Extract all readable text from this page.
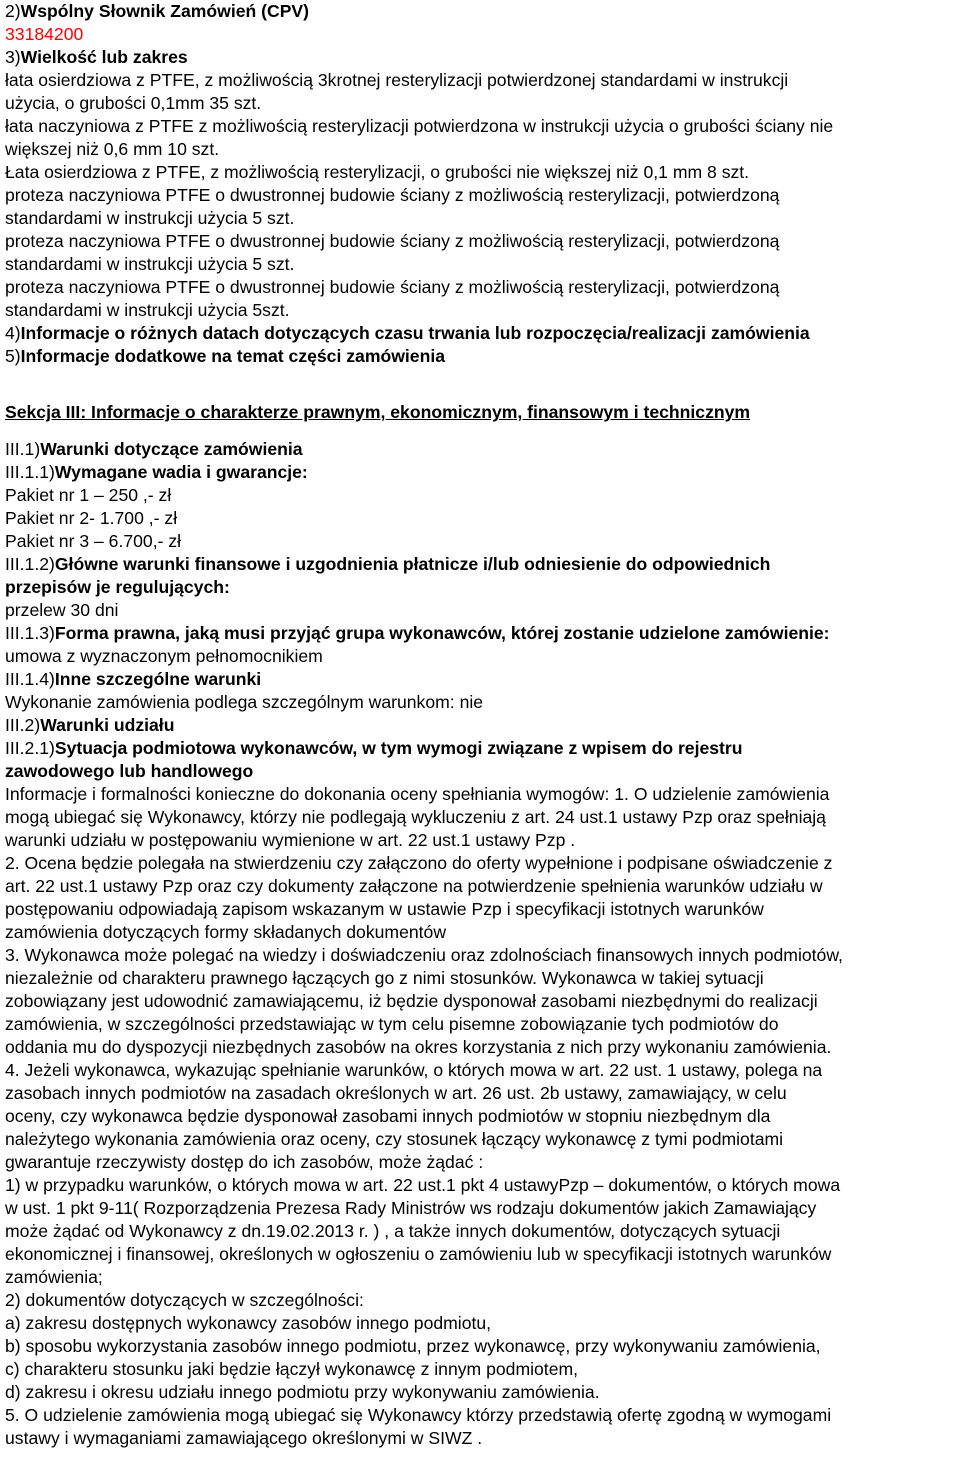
2)Wspólny Słownik Zamówień (CPV)
33184200
3)Wielkość lub zakres
łata osierdziowa z PTFE, z możliwością 3krotnej resterylizacji potwierdzonej standardami w instrukcji
użycia, o grubości 0,1mm 35 szt.
łata naczyniowa z PTFE z możliwością resterylizacji potwierdzona w instrukcji użycia o grubości ściany nie
większej niż 0,6 mm 10 szt.
Łata osierdziowa z PTFE, z możliwością resterylizacji, o grubości nie większej niż 0,1 mm 8 szt.
proteza naczyniowa PTFE o dwustronnej budowie ściany z możliwością resterylizacji, potwierdzoną
standardami w instrukcji użycia 5 szt.
proteza naczyniowa PTFE o dwustronnej budowie ściany z możliwością resterylizacji, potwierdzoną
standardami w instrukcji użycia 5 szt.
proteza naczyniowa PTFE o dwustronnej budowie ściany z możliwością resterylizacji, potwierdzoną
standardami w instrukcji użycia 5szt.
4)Informacje o różnych datach dotyczących czasu trwania lub rozpoczęcia/realizacji zamówienia
5)Informacje dodatkowe na temat części zamówienia
Sekcja III: Informacje o charakterze prawnym, ekonomicznym, finansowym i technicznym
III.1)Warunki dotyczące zamówienia
III.1.1)Wymagane wadia i gwarancje:
Pakiet nr 1 – 250 ,- zł
Pakiet nr 2- 1.700 ,- zł
Pakiet nr 3 – 6.700,- zł
III.1.2)Główne warunki finansowe i uzgodnienia płatnicze i/lub odniesienie do odpowiednich
przepisów je regulujących:
przelew 30 dni
III.1.3)Forma prawna, jaką musi przyjąć grupa wykonawców, której zostanie udzielone zamówienie:
umowa z wyznaczonym pełnomocnikiem
III.1.4)Inne szczególne warunki
Wykonanie zamówienia podlega szczególnym warunkom: nie
III.2)Warunki udziału
III.2.1)Sytuacja podmiotowa wykonawców, w tym wymogi związane z wpisem do rejestru
zawodowego lub handlowego
Informacje i formalności konieczne do dokonania oceny spełniania wymogów: 1. O udzielenie zamówienia
mogą ubiegać się Wykonawcy, którzy nie podlegają wykluczeniu z art. 24 ust.1 ustawy Pzp oraz spełniają
warunki udziału w postępowaniu wymienione w art. 22 ust.1 ustawy Pzp .
2. Ocena będzie polegała na stwierdzeniu czy załączono do oferty wypełnione i podpisane oświadczenie z
art. 22 ust.1 ustawy Pzp oraz czy dokumenty załączone na potwierdzenie spełnienia warunków udziału w
postępowaniu odpowiadają zapisom wskazanym w ustawie Pzp i specyfikacji istotnych warunków
zamówienia dotyczących formy składanych dokumentów
3. Wykonawca może polegać na wiedzy i doświadczeniu oraz zdolnościach finansowych innych podmiotów,
niezależnie od charakteru prawnego łączących go z nimi stosunków. Wykonawca w takiej sytuacji
zobowiązany jest udowodnić zamawiającemu, iż będzie dysponował zasobami niezbędnymi do realizacji
zamówienia, w szczególności przedstawiając w tym celu pisemne zobowiązanie tych podmiotów do
oddania mu do dyspozycji niezbędnych zasobów na okres korzystania z nich przy wykonaniu zamówienia.
4. Jeżeli wykonawca, wykazując spełnianie warunków, o których mowa w art. 22 ust. 1 ustawy, polega na
zasobach innych podmiotów na zasadach określonych w art. 26 ust. 2b ustawy, zamawiający, w celu
oceny, czy wykonawca będzie dysponował zasobami innych podmiotów w stopniu niezbędnym dla
należytego wykonania zamówienia oraz oceny, czy stosunek łączący wykonawcę z tymi podmiotami
gwarantuje rzeczywisty dostęp do ich zasobów, może żądać :
1) w przypadku warunków, o których mowa w art. 22 ust.1 pkt 4 ustawyPzp – dokumentów, o których mowa
w ust. 1 pkt 9-11( Rozporządzenia Prezesa Rady Ministrów ws rodzaju dokumentów jakich Zamawiający
może żądać od Wykonawcy z dn.19.02.2013 r. ) , a także innych dokumentów, dotyczących sytuacji
ekonomicznej i finansowej, określonych w ogłoszeniu o zamówieniu lub w specyfikacji istotnych warunków
zamówienia;
2) dokumentów dotyczących w szczególności:
a) zakresu dostępnych wykonawcy zasobów innego podmiotu,
b) sposobu wykorzystania zasobów innego podmiotu, przez wykonawcę, przy wykonywaniu zamówienia,
c) charakteru stosunku jaki będzie łączył wykonawcę z innym podmiotem,
d) zakresu i okresu udziału innego podmiotu przy wykonywaniu zamówienia.
5. O udzielenie zamówienia mogą ubiegać się Wykonawcy którzy przedstawią ofertę zgodną w wymogami
ustawy i wymaganiami zamawiającego określonymi w SIWZ .
